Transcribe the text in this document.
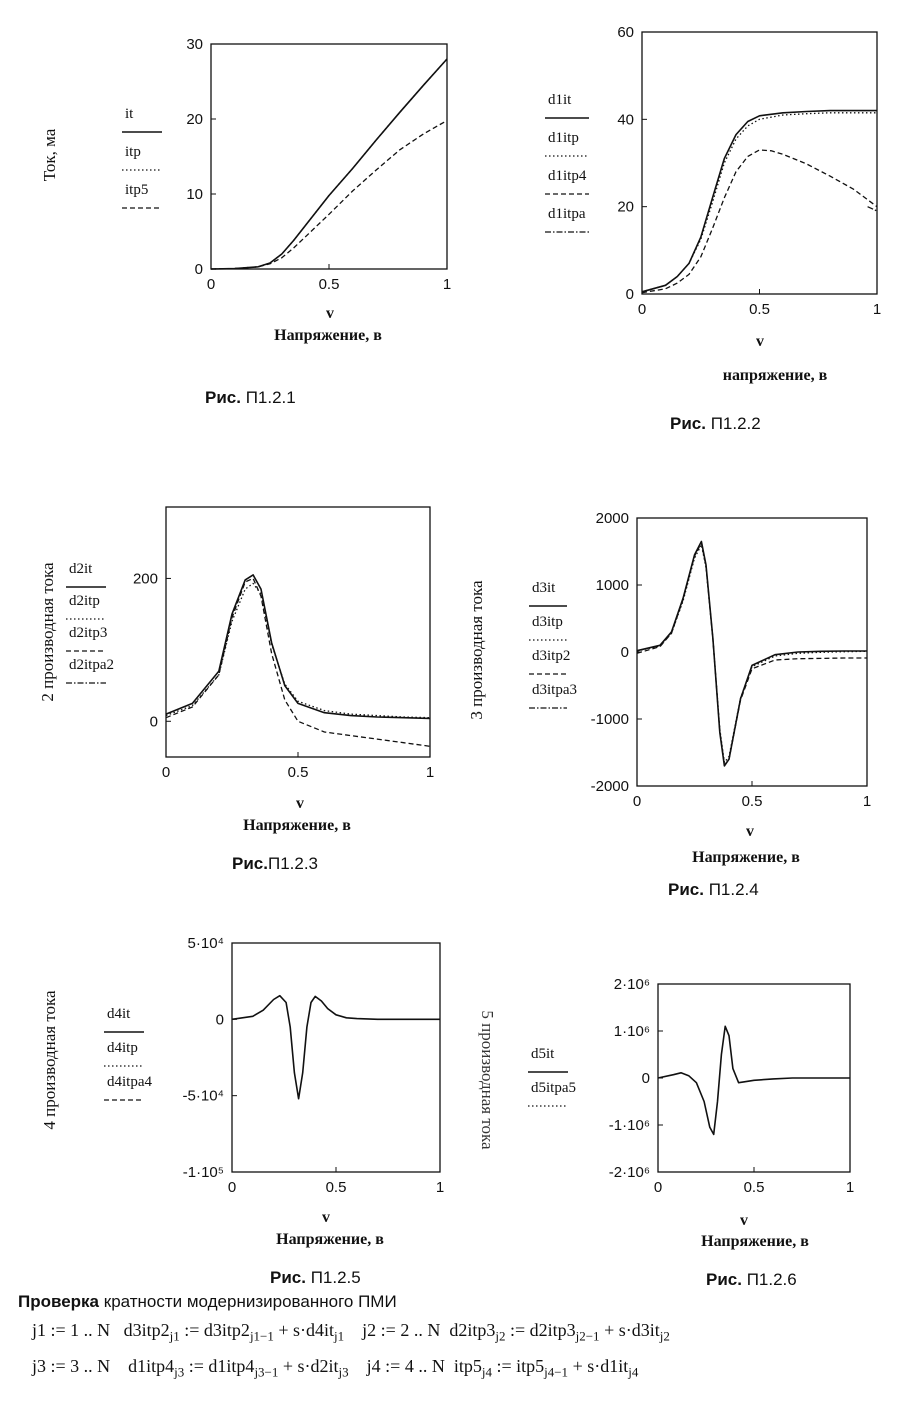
0
10
20
30
0	0.5	1
Ток, ма
v
Напряжение, в
0
20
40
60
0	0.5	1
v
напряжение, в
0
200
0	0.5	1
2 производная тока
v
Напряжение, в
-2000
-1000
0
1000
2000
0	0.5	1
3 производная тока
v
Напряжение, в
5·10⁴
0
-5·10⁴
-1·10⁵
0	0.5	1
4 производная тока
v
Напряжение, в
2·10⁶
1·10⁶
0
-1·10⁶
-2·10⁶
0	0.5	1
5 производная тока
v
Напряжение, в
it
itp
itp5
d1it
d1itp
d1itp4
d1itpa
d2it
d2itp
d2itp3
d2itpa2
d3it
d3itp
d3itp2
d3itpa3
d4it
d4itp
d4itpa4
d5it
d5itpa5
Рис. П1.2.1
Рис. П1.2.2
Рис.П1.2.3
Рис. П1.2.4
Рис. П1.2.5	Рис. П1.2.6
Проверка кратности модернизированного ПМИ
j1 := 1 .. N   $d3itp2_{j1}$ := $d3itp2_{j1-1} + s\cdot d4it_{j1}$    j2 := 2 .. N  $d2itp3_{j2}$ := $d2itp3_{j2-1} + s\cdot d3it_{j2}$
j3 := 3 .. N    $d1itp4_{j3}$ := $d1itp4_{j3-1} + s\cdot d2it_{j3}$    j4 := 4 .. N  $itp5_{j4}$ := $itp5_{j4-1} + s\cdot d1it_{j4}$
